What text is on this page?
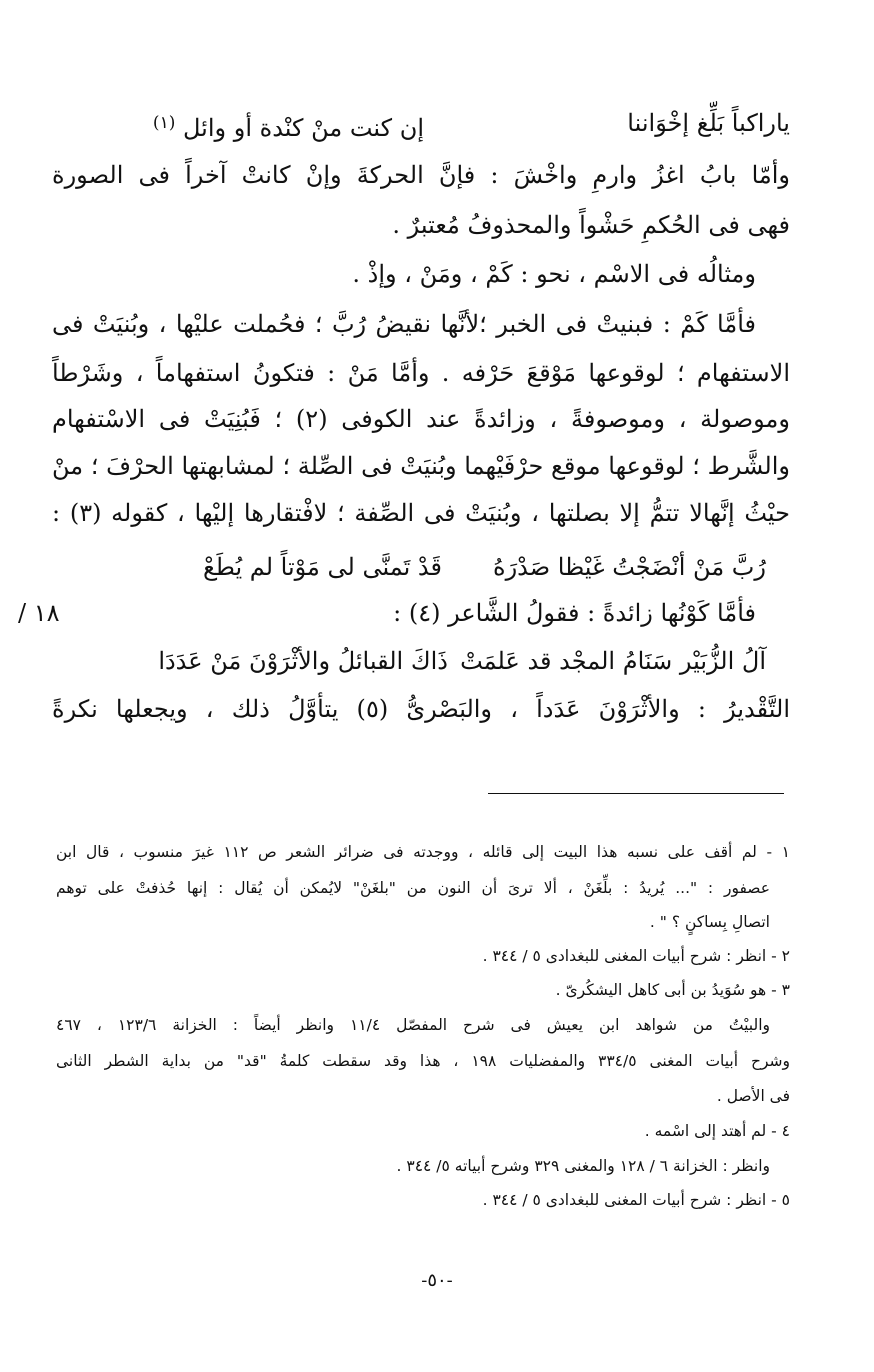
ياراكباً بَلِّغ إخْوَاننا
إن كنت منْ كنْدة أو وائل $^{(١)}$
وأمّا بابُ اغزُ وارمِ واخْشَ : فإنَّ الحركةَ وإنْ كانتْ آخراً فى الصورة
فهى فى الحُكمِ حَشْواً والمحذوفُ مُعتبرٌ .
ومثالُه فى الاسْم ، نحو : كَمْ ، ومَنْ ، وإذْ .
فأمَّا كَمْ : فبنيتْ فى الخبر ؛لأنَّها نقيضُ رُبَّ ؛ فحُملت عليْها ، وبُنيَتْ فى
الاستفهام ؛ لوقوعها مَوْقعَ حَرْفه . وأمَّا مَنْ : فتكونُ استفهاماً ، وشَرْطاً
وموصولة ، وموصوفةً ، وزائدةً عند الكوفى (٢) ؛ فَبُنِيَتْ فى الاسْتفهام
والشَّرط ؛ لوقوعها موقع حرْفَيْهما وبُنيَتْ فى الصِّلة ؛ لمشابهتها الحرْفَ ؛ منْ
حيْثُ إنَّهالا تتمُّ إلا بصلتها ، وبُنيَتْ فى الصِّفة ؛ لافْتقارها إليْها ، كقوله (٣) :
رُبَّ مَنْ أنْضَجْتُ غَيْظا صَدْرَهُ
قَدْ تَمنَّى لى مَوْتاً لم يُطَعْ
فأمَّا كَوْنُها زائدةً : فقولُ الشَّاعر (٤) :
١٨ /
آلُ الزُّبَيْر سَنَامُ المجْد قد عَلمَتْ
ذَاكَ القبائلُ والأثْرَوْنَ مَنْ عَدَدَا
التَّقْديرُ : والأثْرَوْنَ عَدَداً ، والبَصْرىُّ (٥) يتأوَّلُ ذلك ، ويجعلها نكرةً
١ - لم أقف على نسبه هذا البيت إلى قائله ، ووجدته فى ضرائر الشعر ص ١١٢ غيرَ منسوب ، قال ابن
عصفور : "... يُريدُ : بلِّغَنْ ، ألا ترىَ أن النون من "بلغَنْ" لايُمكن أن يُقال : إنها حُذفتْ على توهم
اتصالِ بِساكنٍ ؟ " .
٢ - انظر : شرح أبيات المغنى للبغدادى ٥ / ٣٤٤ .
٣ - هو سُوَيدُ بن أبى كاهل اليشكُرىّ .
والبيْتُ من شواهد ابن يعيش فى شرح المفصّل ١١/٤ وانظر أيضاً : الخزانة ١٢٣/٦ ، ٤٦٧
وشرح أبيات المغنى ٣٣٤/٥ والمفضليات ١٩٨ ، هذا وقد سقطت كلمةُ "قد" من بداية الشطر الثانى
فى الأصل .
٤ - لم أهتد إلى اسْمه .
وانظر : الخزانة ٦ / ١٢٨ والمغنى ٣٢٩ وشرح أبياته ٥/ ٣٤٤ .
٥ - انظر : شرح أبيات المغنى للبغدادى ٥ / ٣٤٤ .
-٥٠-
